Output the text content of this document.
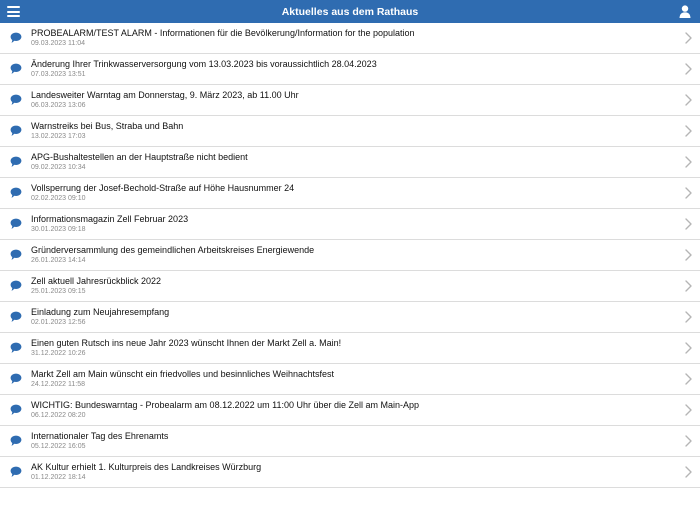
Aktuelles aus dem Rathaus
PROBEALARM/TEST ALARM - Informationen für die Bevölkerung/Information for the population
09.03.2023 11:04
Änderung Ihrer Trinkwasserversorgung vom 13.03.2023 bis voraussichtlich 28.04.2023
07.03.2023 13:51
Landesweiter Warntag am Donnerstag, 9. März 2023, ab 11.00 Uhr
06.03.2023 13:06
Warnstreiks bei Bus, Straba und Bahn
13.02.2023 17:03
APG-Bushaltestellen an der Hauptstraße nicht bedient
09.02.2023 10:34
Vollsperrung der Josef-Bechold-Straße auf Höhe Hausnummer 24
02.02.2023 09:10
Informationsmagazin Zell Februar 2023
30.01.2023 09:18
Gründerversammlung des gemeindlichen Arbeitskreises Energiewende
26.01.2023 14:14
Zell aktuell Jahresrückblick 2022
25.01.2023 09:15
Einladung zum Neujahresempfang
02.01.2023 12:56
Einen guten Rutsch ins neue Jahr 2023 wünscht Ihnen der Markt Zell a. Main!
31.12.2022 10:26
Markt Zell am Main wünscht ein friedvolles und besinnliches Weihnachtsfest
24.12.2022 11:58
WICHTIG: Bundeswarntag - Probealarm am 08.12.2022 um 11:00 Uhr über die Zell am Main-App
06.12.2022 08:20
Internationaler Tag des Ehrenamts
05.12.2022 16:05
AK Kultur erhielt 1. Kulturpreis des Landkreises Würzburg
01.12.2022 18:14
